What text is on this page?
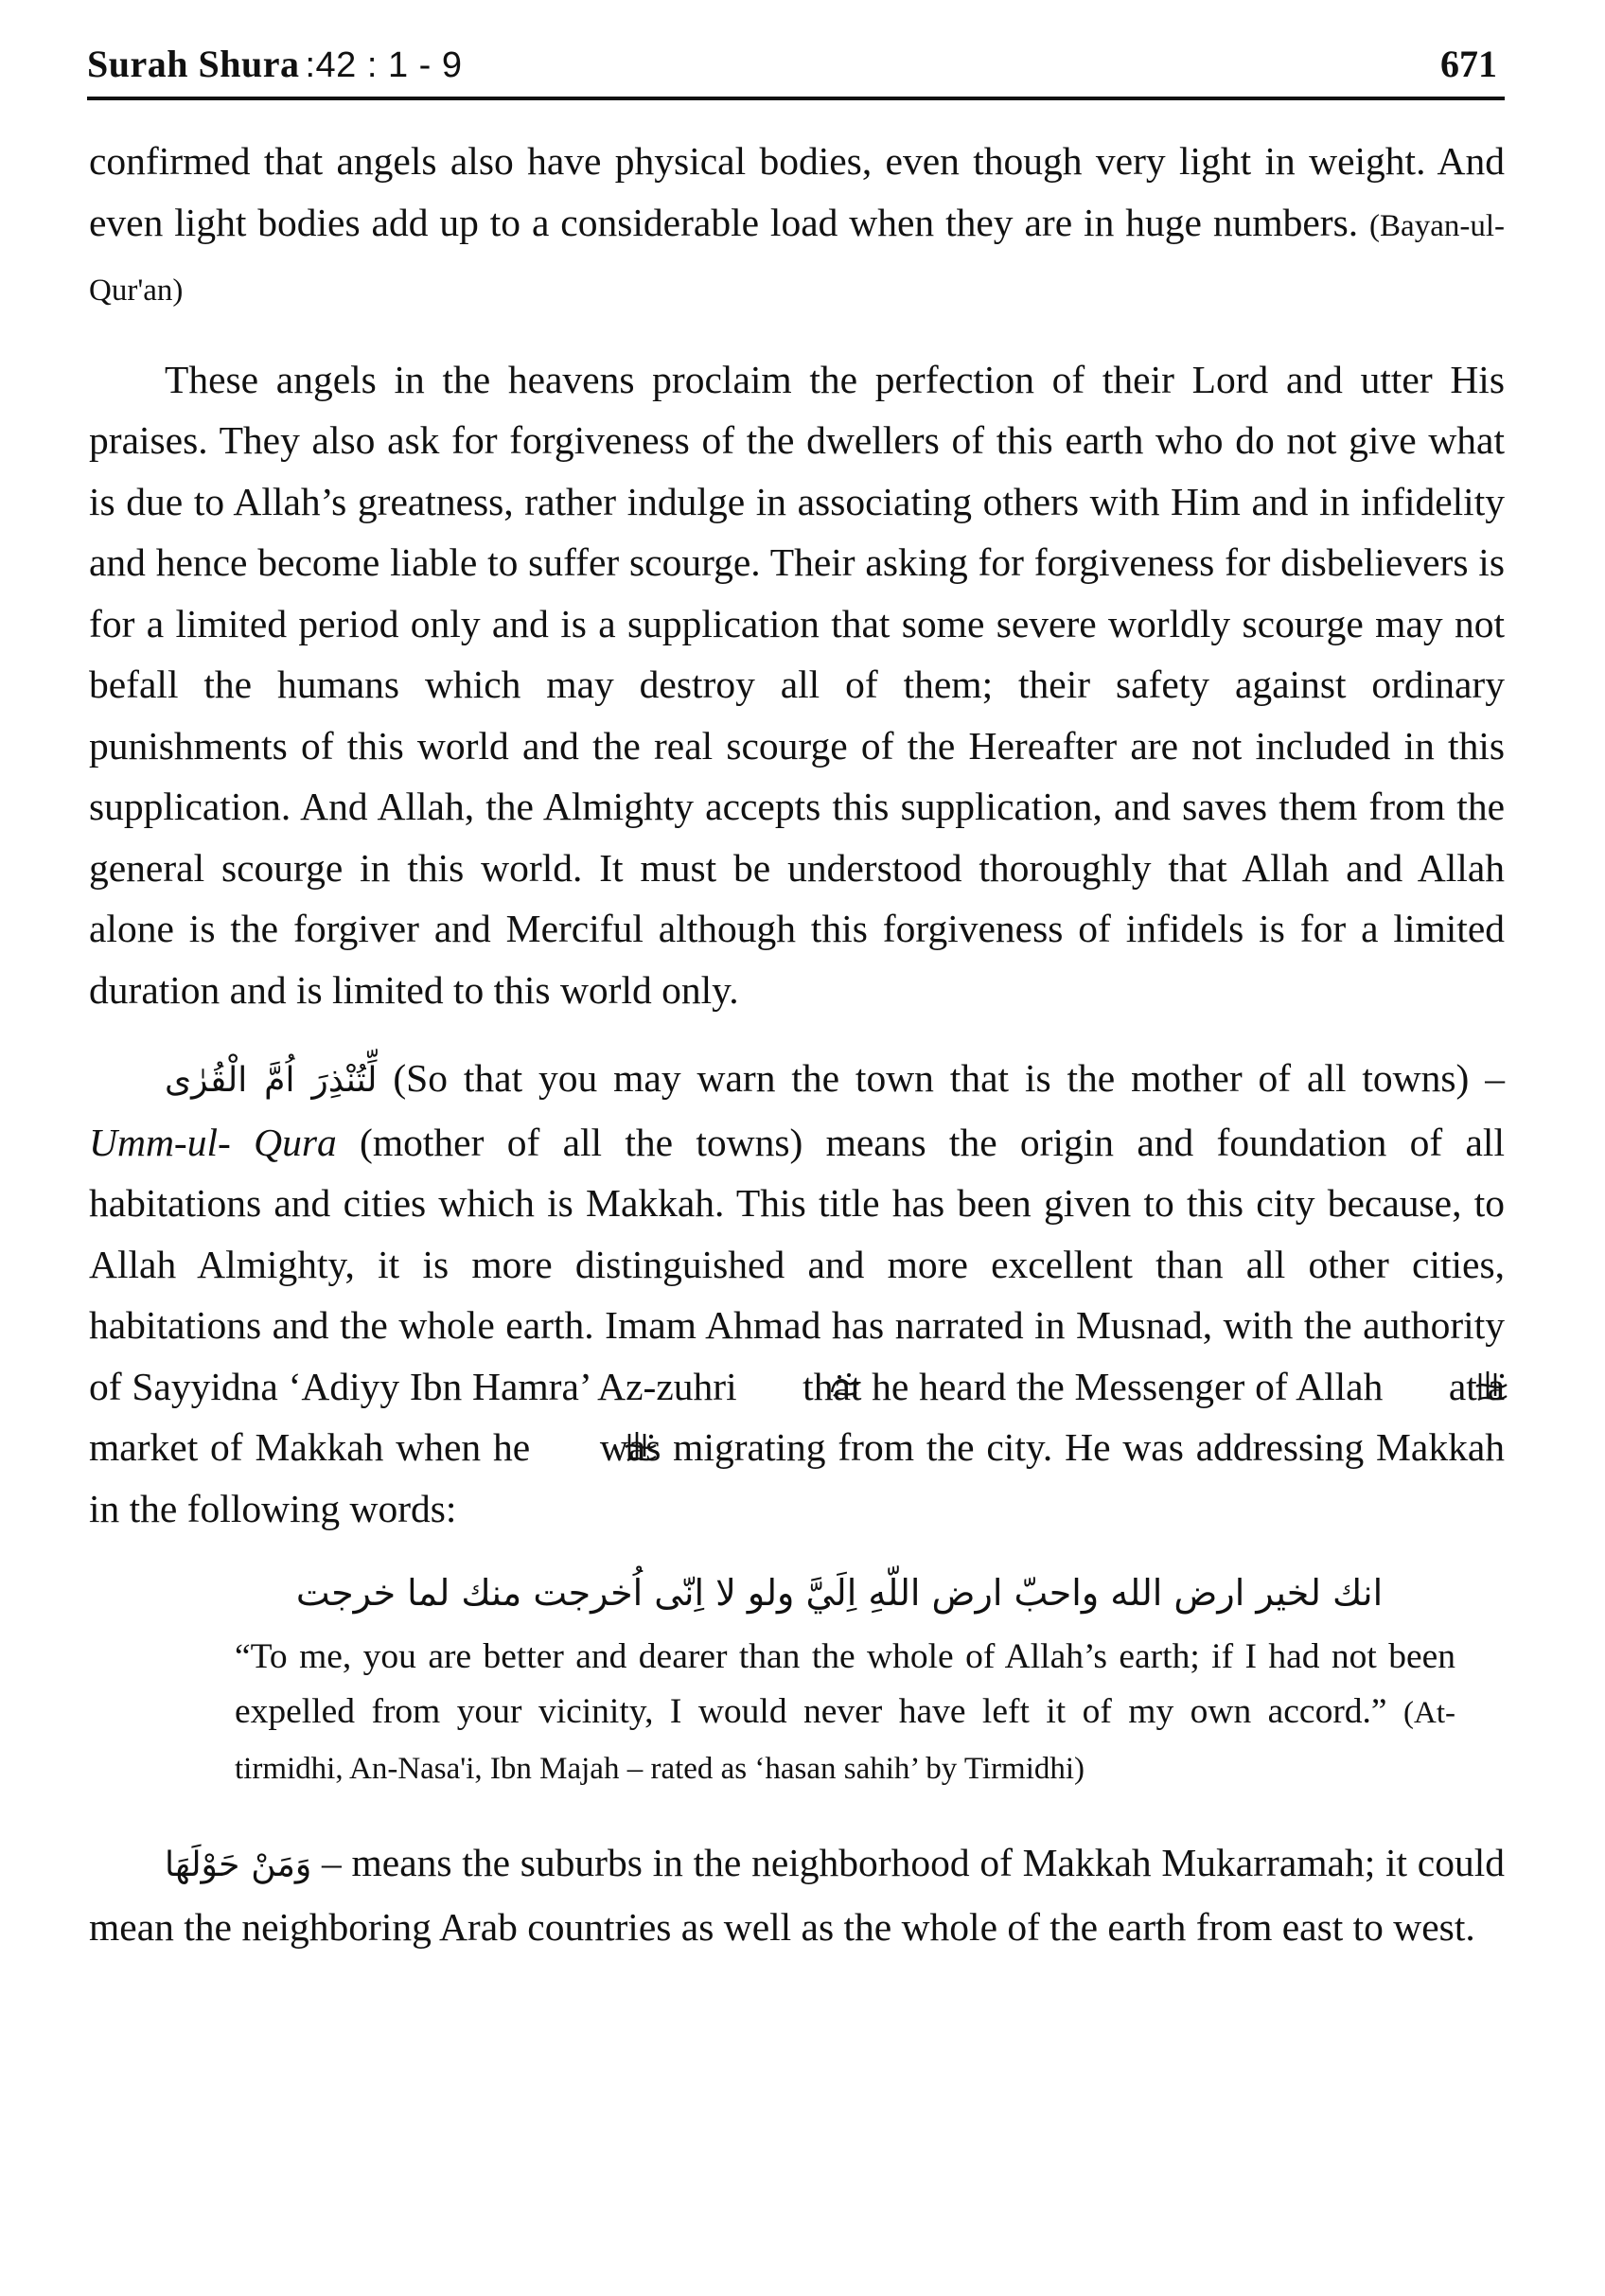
Surah Shura :42 : 1 - 9	671

confirmed that angels also have physical bodies, even though very light in weight. And even light bodies add up to a considerable load when they are in huge numbers. (Bayan-ul-Qur'an)

These angels in the heavens proclaim the perfection of their Lord and utter His praises. They also ask for forgiveness of the dwellers of this earth who do not give what is due to Allah’s greatness, rather indulge in associating others with Him and in infidelity and hence become liable to suffer scourge. Their asking for forgiveness for disbelievers is for a limited period only and is a supplication that some severe worldly scourge may not befall the humans which may destroy all of them; their safety against ordinary punishments of this world and the real scourge of the Hereafter are not included in this supplication. And Allah, the Almighty accepts this supplication, and saves them from the general scourge in this world. It must be understood thoroughly that Allah and Allah alone is the forgiver and Merciful although this forgiveness of infidels is for a limited duration and is limited to this world only.

لِّتُنْذِرَ اُمَّ الْقُرٰى (So that you may warn the town that is the mother of all towns) – Umm-ul- Qura (mother of all the towns) means the origin and foundation of all habitations and cities which is Makkah. This title has been given to this city because, to Allah Almighty, it is more distinguished and more excellent than all other cities, habitations and the whole earth. Imam Ahmad has narrated in Musnad, with the authority of Sayyidna ‘Adiyy Ibn Hamra’ Az-zuhri that he heard the Messenger of Allah at a market of Makkah when he was migrating from the city. He was addressing Makkah in the following words:

انك لخير ارض الله واحبّ ارض اللّهِ اِلَيَّ ولو لا اِنّى اُخرجت منك لما خرجت

“To me, you are better and dearer than the whole of Allah’s earth; if I had not been expelled from your vicinity, I would never have left it of my own accord.” (At-tirmidhi, An-Nasa'i, Ibn Majah – rated as ‘hasan sahih’ by Tirmidhi)

وَمَنْ حَوْلَهَا – means the suburbs in the neighborhood of Makkah Mukarramah; it could mean the neighboring Arab countries as well as the whole of the earth from east to west.
